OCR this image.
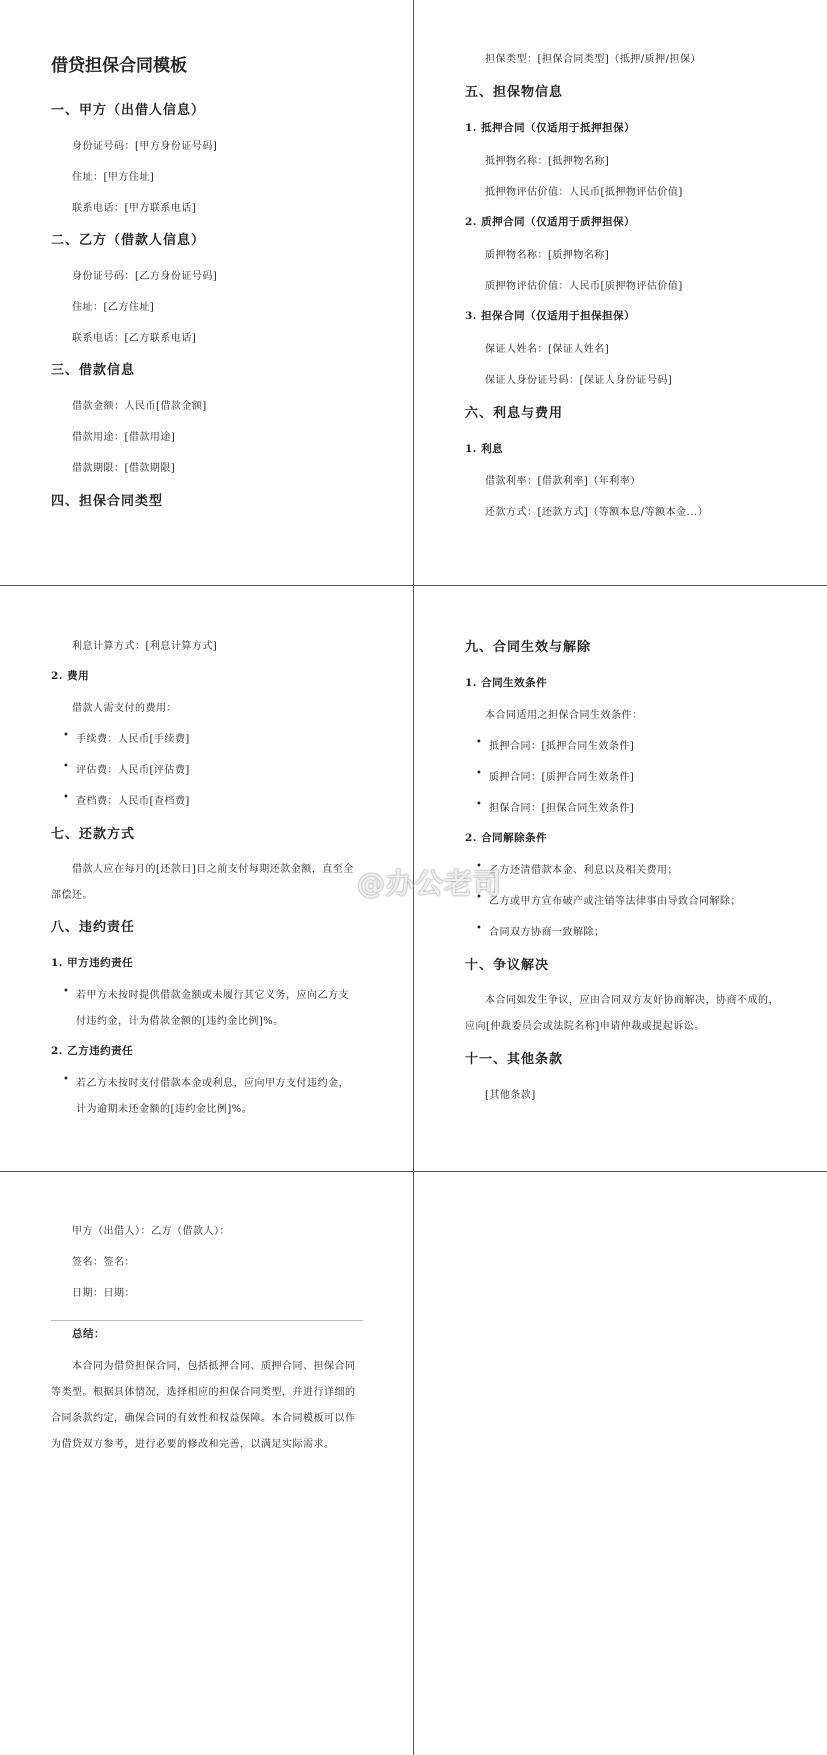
借贷担保合同模板
一、甲方（出借人信息）
身份证号码：[甲方身份证号码]
住址：[甲方住址]
联系电话：[甲方联系电话]
二、乙方（借款人信息）
身份证号码：[乙方身份证号码]
住址：[乙方住址]
联系电话：[乙方联系电话]
三、借款信息
借款金额：人民币[借款金额]
借款用途：[借款用途]
借款期限：[借款期限]
四、担保合同类型
担保类型：[担保合同类型]（抵押/质押/担保）
五、担保物信息
1. 抵押合同（仅适用于抵押担保）
抵押物名称：[抵押物名称]
抵押物评估价值：人民币[抵押物评估价值]
2. 质押合同（仅适用于质押担保）
质押物名称：[质押物名称]
质押物评估价值：人民币[质押物评估价值]
3. 担保合同（仅适用于担保担保）
保证人姓名：[保证人姓名]
保证人身份证号码：[保证人身份证号码]
六、利息与费用
1. 利息
借款利率：[借款利率]（年利率）
还款方式：[还款方式]（等额本息/等额本金...）
利息计算方式：[利息计算方式]
2. 费用
借款人需支付的费用：
• 手续费：人民币[手续费]
• 评估费：人民币[评估费]
• 查档费：人民币[查档费]
七、还款方式
借款人应在每月的[还款日]日之前支付每期还款金额，直至全
部偿还。
八、违约责任
1. 甲方违约责任
• 若甲方未按时提供借款金额或未履行其它义务，应向乙方支
付违约金，计为借款金额的[违约金比例]%。
2. 乙方违约责任
• 若乙方未按时支付借款本金或利息，应向甲方支付违约金，
计为逾期未还金额的[违约金比例]%。
九、合同生效与解除
1. 合同生效条件
本合同适用之担保合同生效条件：
• 抵押合同：[抵押合同生效条件]
• 质押合同：[质押合同生效条件]
• 担保合同：[担保合同生效条件]
2. 合同解除条件
• 乙方还清借款本金、利息以及相关费用；
• 乙方或甲方宣布破产或注销等法律事由导致合同解除；
• 合同双方协商一致解除；
十、争议解决
本合同如发生争议，应由合同双方友好协商解决，协商不成的，
应向[仲裁委员会或法院名称]申请仲裁或提起诉讼。
十一、其他条款
[其他条款]
甲方（出借人）：乙方（借款人）：
签名：签名：
日期：日期：
总结：
本合同为借贷担保合同，包括抵押合同、质押合同、担保合同
等类型。根据具体情况，选择相应的担保合同类型，并进行详细的
合同条款约定，确保合同的有效性和权益保障。本合同模板可以作
为借贷双方参考，进行必要的修改和完善，以满足实际需求。
@办公老司
